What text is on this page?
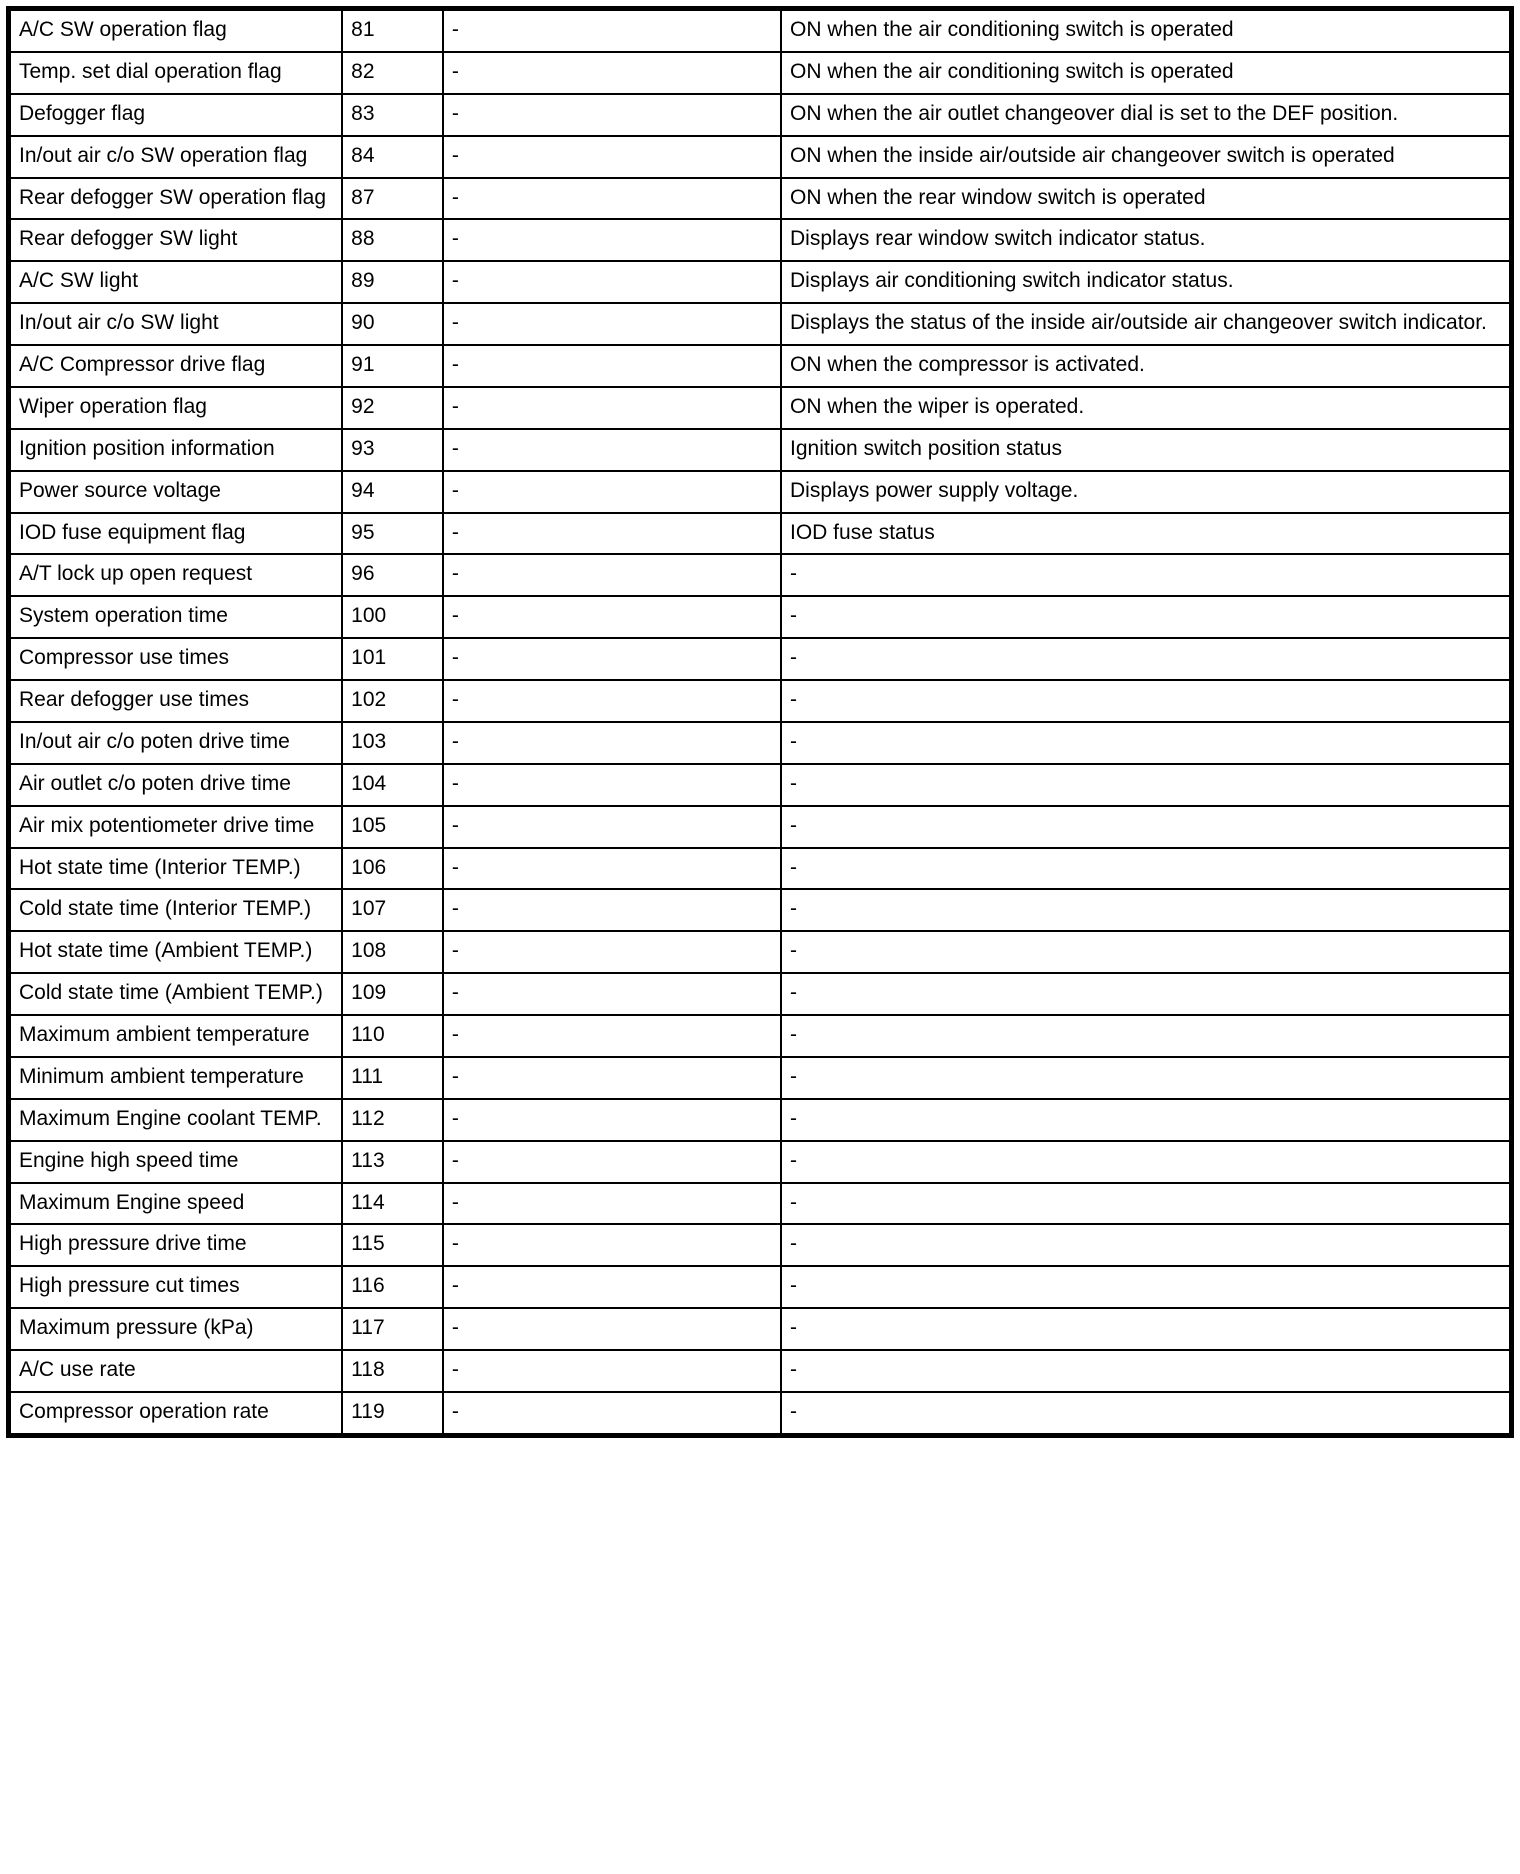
A/C SW operation flag	81	-	ON when the air conditioning switch is operated
Temp. set dial operation flag	82	-	ON when the air conditioning switch is operated
Defogger flag	83	-	ON when the air outlet changeover dial is set to the DEF position.
In/out air c/o SW operation flag	84	-	ON when the inside air/outside air changeover switch is operated
Rear defogger SW operation flag	87	-	ON when the rear window switch is operated
Rear defogger SW light	88	-	Displays rear window switch indicator status.
A/C SW light	89	-	Displays air conditioning switch indicator status.
In/out air c/o SW light	90	-	Displays the status of the inside air/outside air changeover switch indicator.
A/C Compressor drive flag	91	-	ON when the compressor is activated.
Wiper operation flag	92	-	ON when the wiper is operated.
Ignition position information	93	-	Ignition switch position status
Power source voltage	94	-	Displays power supply voltage.
IOD fuse equipment flag	95	-	IOD fuse status
A/T lock up open request	96	-	-
System operation time	100	-	-
Compressor use times	101	-	-
Rear defogger use times	102	-	-
In/out air c/o poten drive time	103	-	-
Air outlet c/o poten drive time	104	-	-
Air mix potentiometer drive time	105	-	-
Hot state time (Interior TEMP.)	106	-	-
Cold state time (Interior TEMP.)	107	-	-
Hot state time (Ambient TEMP.)	108	-	-
Cold state time (Ambient TEMP.)	109	-	-
Maximum ambient temperature	110	-	-
Minimum ambient temperature	111	-	-
Maximum Engine coolant TEMP.	112	-	-
Engine high speed time	113	-	-
Maximum Engine speed	114	-	-
High pressure drive time	115	-	-
High pressure cut times	116	-	-
Maximum pressure (kPa)	117	-	-
A/C use rate	118	-	-
Compressor operation rate	119	-	-
